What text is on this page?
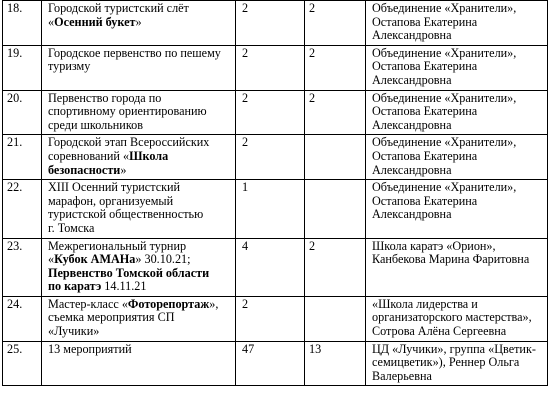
18.	Городской туристский слёт
«Осенний букет»	2	2	Объединение «Хранители»,
Остапова Екатерина
Александровна

19.	Городское первенство по пешему
туризму	2	2	Объединение «Хранители»,
Остапова Екатерина
Александровна

20.	Первенство города по
спортивному ориентированию
среди школьников	2	2	Объединение «Хранители»,
Остапова Екатерина
Александровна

21.	Городской этап Всероссийских
соревнований «Школа
безопасности»	2		Объединение «Хранители»,
Остапова Екатерина
Александровна

22.	XIII Осенний туристский
марафон, организуемый
туристской общественностью
г. Томска	1		Объединение «Хранители»,
Остапова Екатерина
Александровна

23.	Межрегиональный турнир
«Кубок АМАНа» 30.10.21;
Первенство Томской области
по каратэ 14.11.21	4	2	Школа каратэ «Орион»,
Канбекова Марина Фаритовна

24.	Мастер-класс «Фоторепортаж»,
съемка мероприятия СП
«Лучики»	2		«Школа лидерства и
организаторского мастерства»,
Сотрова Алёна Сергеевна

25.	13 мероприятий	47	13	ЦД «Лучики», группа «Цветик-
семицветик»), Реннер Ольга
Валерьевна
